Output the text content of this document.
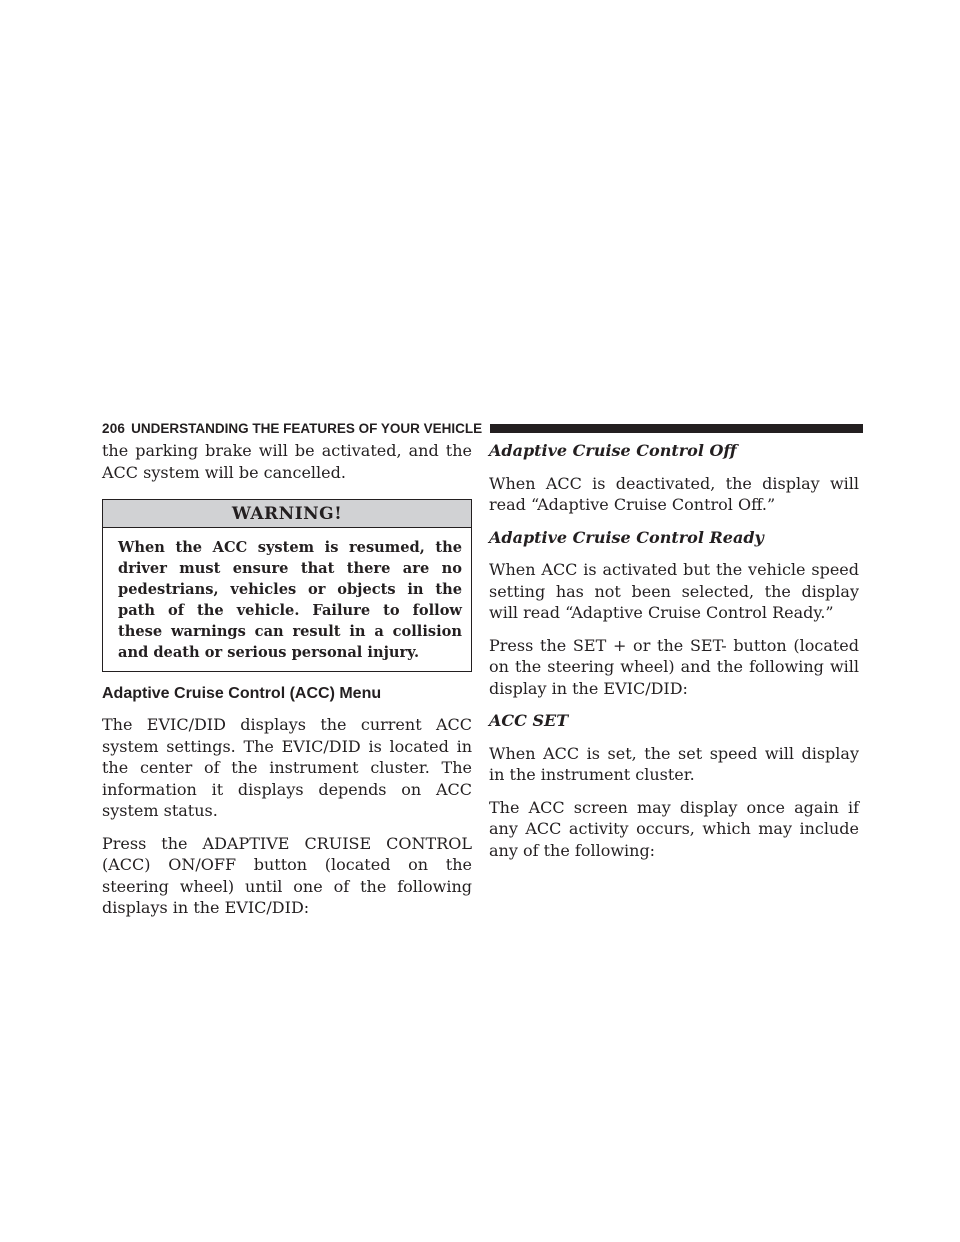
206 UNDERSTANDING THE FEATURES OF YOUR VEHICLE

the parking brake will be activated, and the ACC system will be cancelled.

WARNING!
When the ACC system is resumed, the driver must ensure that there are no pedestrians, vehicles or objects in the path of the vehicle. Failure to follow these warnings can result in a collision and death or serious personal injury.
Adaptive Cruise Control (ACC) Menu

The EVIC/DID displays the current ACC system settings. The EVIC/DID is located in the center of the instrument cluster. The information it displays depends on ACC system status.

Press the ADAPTIVE CRUISE CONTROL (ACC) ON/OFF button (located on the steering wheel) until one of the following displays in the EVIC/DID:

Adaptive Cruise Control Off

When ACC is deactivated, the display will read “Adaptive Cruise Control Off.”

Adaptive Cruise Control Ready

When ACC is activated but the vehicle speed setting has not been selected, the display will read “Adaptive Cruise Control Ready.”

Press the SET + or the SET- button (located on the steering wheel) and the following will display in the EVIC/DID:

ACC SET

When ACC is set, the set speed will display in the instrument cluster.

The ACC screen may display once again if any ACC activity occurs, which may include any of the following:
